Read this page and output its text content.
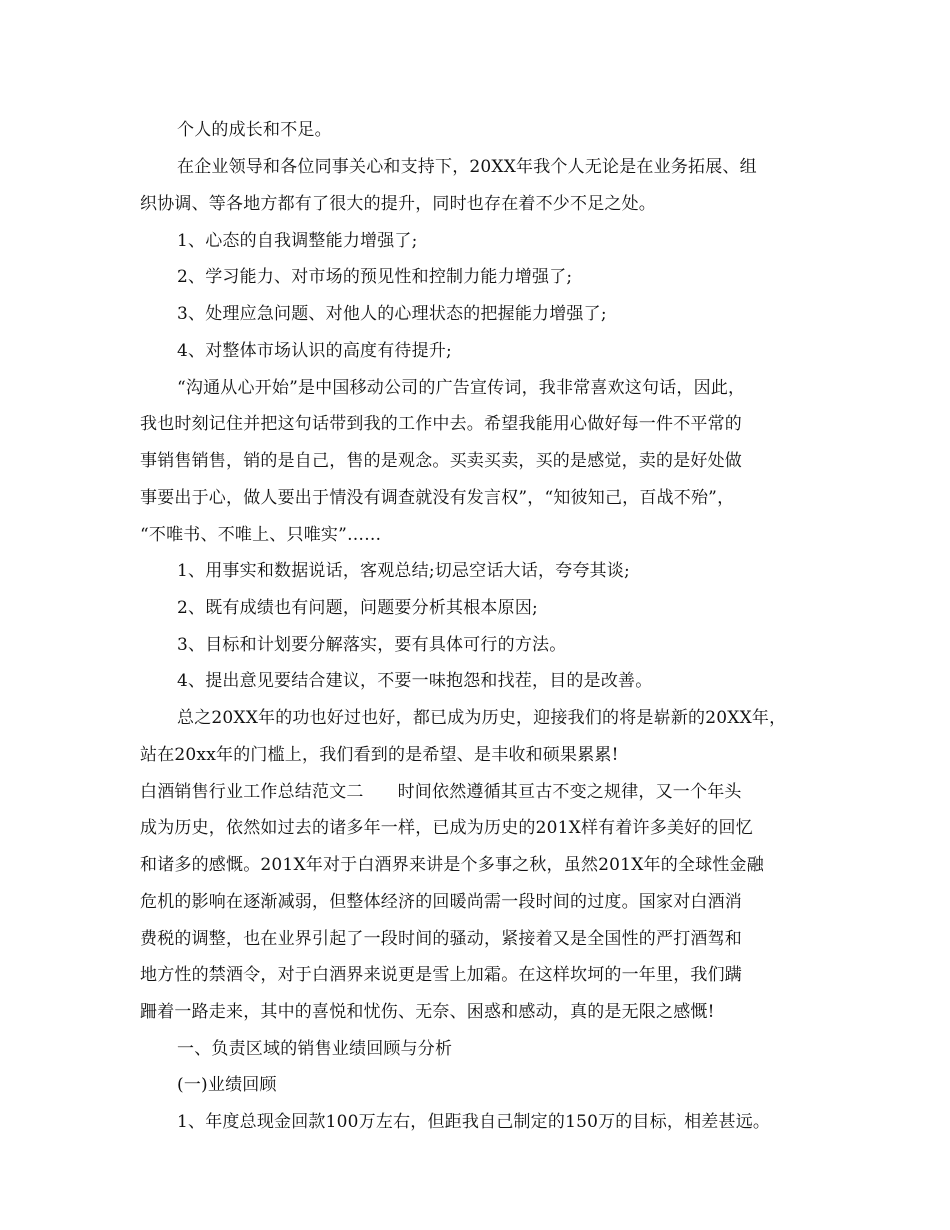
个人的成长和不足。

在企业领导和各位同事关心和支持下，20XX年我个人无论是在业务拓展、组

织协调、等各地方都有了很大的提升，同时也存在着不少不足之处。

1、心态的自我调整能力增强了;

2、学习能力、对市场的预见性和控制力能力增强了;

3、处理应急问题、对他人的心理状态的把握能力增强了;

4、对整体市场认识的高度有待提升;

“沟通从心开始”是中国移动公司的广告宣传词，我非常喜欢这句话，因此，

我也时刻记住并把这句话带到我的工作中去。希望我能用心做好每一件不平常的

事销售销售，销的是自己，售的是观念。买卖买卖，买的是感觉，卖的是好处做

事要出于心，做人要出于情没有调查就没有发言权”，“知彼知己，百战不殆”，

“不唯书、不唯上、只唯实”……

1、用事实和数据说话，客观总结;切忌空话大话，夸夸其谈;

2、既有成绩也有问题，问题要分析其根本原因;

3、目标和计划要分解落实，要有具体可行的方法。

4、提出意见要结合建议，不要一味抱怨和找茬，目的是改善。

总之20XX年的功也好过也好，都已成为历史，迎接我们的将是崭新的20XX年，

站在20xx年的门槛上，我们看到的是希望、是丰收和硕果累累!

白酒销售行业工作总结范文二 时间依然遵循其亘古不变之规律，又一个年头

成为历史，依然如过去的诸多年一样，已成为历史的201X样有着许多美好的回忆

和诸多的感慨。201X年对于白酒界来讲是个多事之秋，虽然201X年的全球性金融

危机的影响在逐渐减弱，但整体经济的回暖尚需一段时间的过度。国家对白酒消

费税的调整，也在业界引起了一段时间的骚动，紧接着又是全国性的严打酒驾和

地方性的禁酒令，对于白酒界来说更是雪上加霜。在这样坎坷的一年里，我们蹒

跚着一路走来，其中的喜悦和忧伤、无奈、困惑和感动，真的是无限之感慨!

一、负责区域的销售业绩回顾与分析

(一)业绩回顾

1、年度总现金回款100万左右，但距我自己制定的150万的目标，相差甚远。
